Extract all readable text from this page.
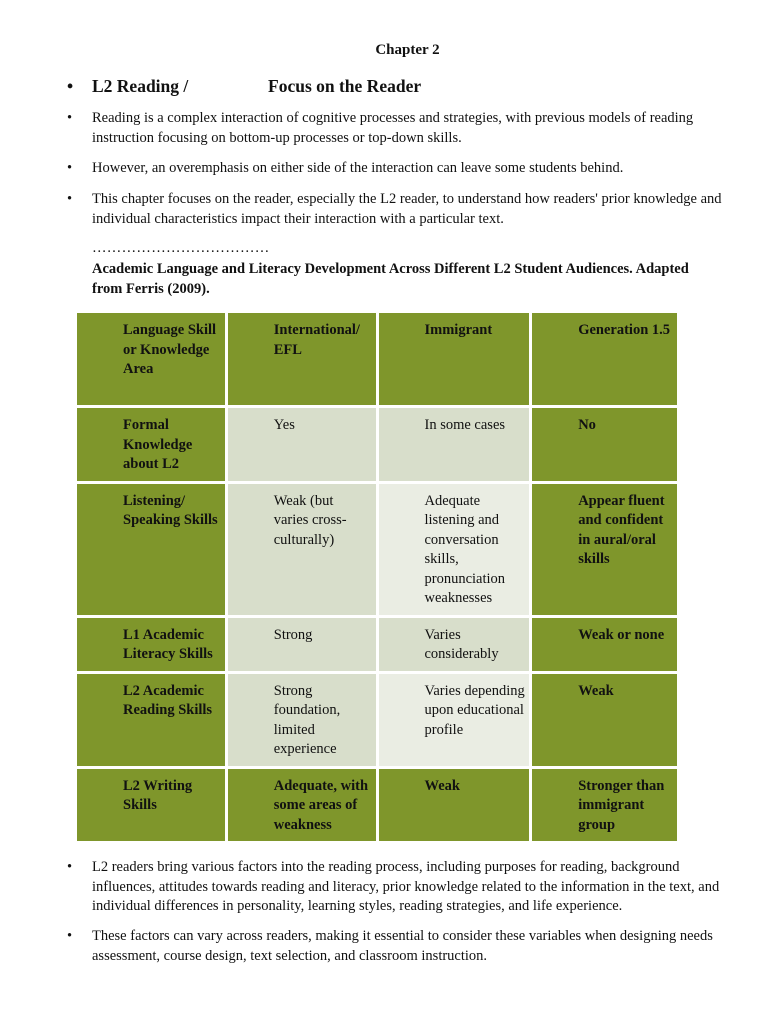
Chapter 2
• L2 Reading /	Focus on the Reader
• Reading is a complex interaction of cognitive processes and strategies, with previous models of reading instruction focusing on bottom-up processes or top-down skills.
• However, an overemphasis on either side of the interaction can leave some students behind.
• This chapter focuses on the reader, especially the L2 reader, to understand how readers' prior knowledge and individual characteristics impact their interaction with a particular text.
………………………………
Academic Language and Literacy Development Across Different L2 Student Audiences. Adapted from Ferris (2009).
Language Skill or Knowledge Area	International/ EFL	Immigrant	Generation 1.5
Formal Knowledge about L2	Yes	In some cases	No
Listening/ Speaking Skills	Weak (but varies cross-culturally)	Adequate listening and conversation skills, pronunciation weaknesses	Appear fluent and confident in aural/oral skills
L1 Academic Literacy Skills	Strong	Varies considerably	Weak or none
L2 Academic Reading Skills	Strong foundation, limited experience	Varies depending upon educational profile	Weak
L2 Writing Skills	Adequate, with some areas of weakness	Weak	Stronger than immigrant group
• L2 readers bring various factors into the reading process, including purposes for reading, background influences, attitudes towards reading and literacy, prior knowledge related to the information in the text, and individual differences in personality, learning styles, reading strategies, and life experience.
• These factors can vary across readers, making it essential to consider these variables when designing needs assessment, course design, text selection, and classroom instruction.
